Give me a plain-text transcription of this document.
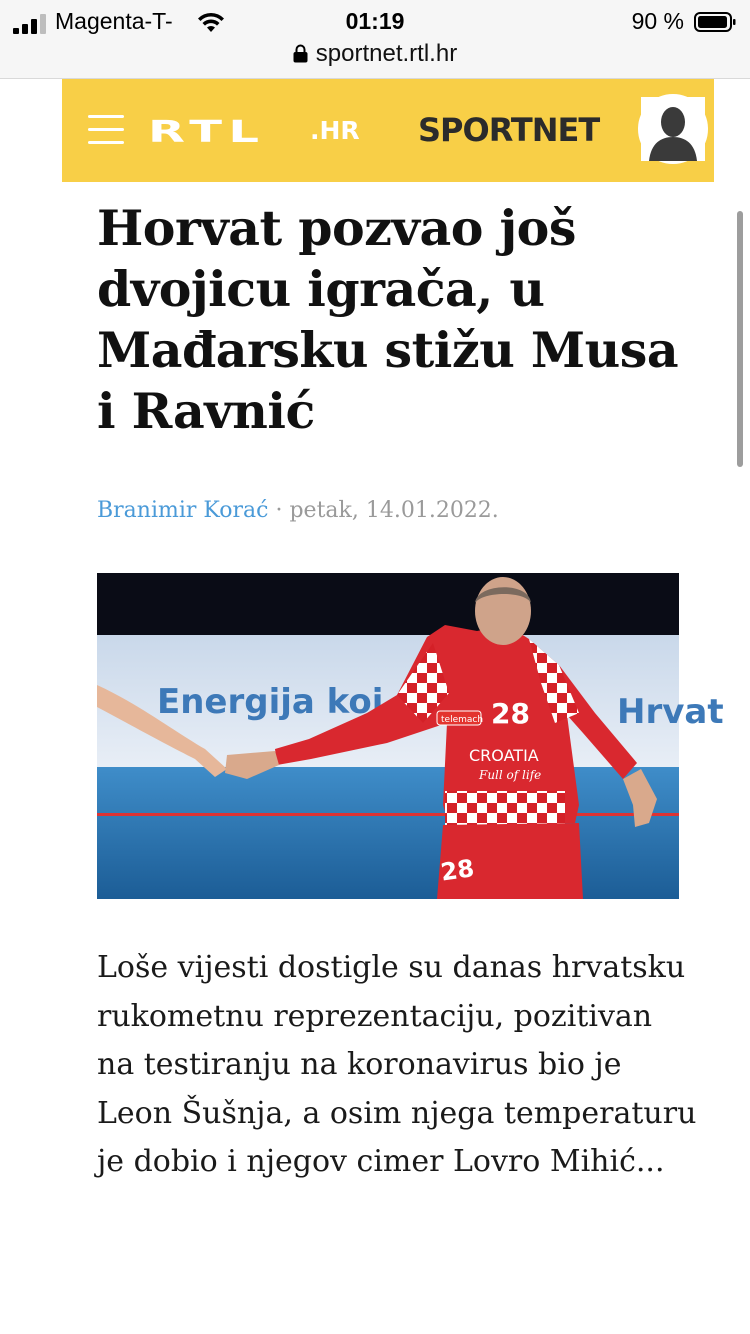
Magenta-T-	01:19	90 %
sportnet.rtl.hr
RTL .HR SPORTNET
Horvat pozvao još dvojicu igrača, u Mađarsku stižu Musa i Ravnić
Branimir Korać · petak, 14.01.2022.
Energija koj	Hrvat
28
telemach
CROATIA
Full of life
28

Loše vijesti dostigle su danas hrvatsku rukometnu reprezentaciju, pozitivan na testiranju na koronavirus bio je Leon Šušnja, a osim njega temperaturu je dobio i njegov cimer Lovro Mihić...
